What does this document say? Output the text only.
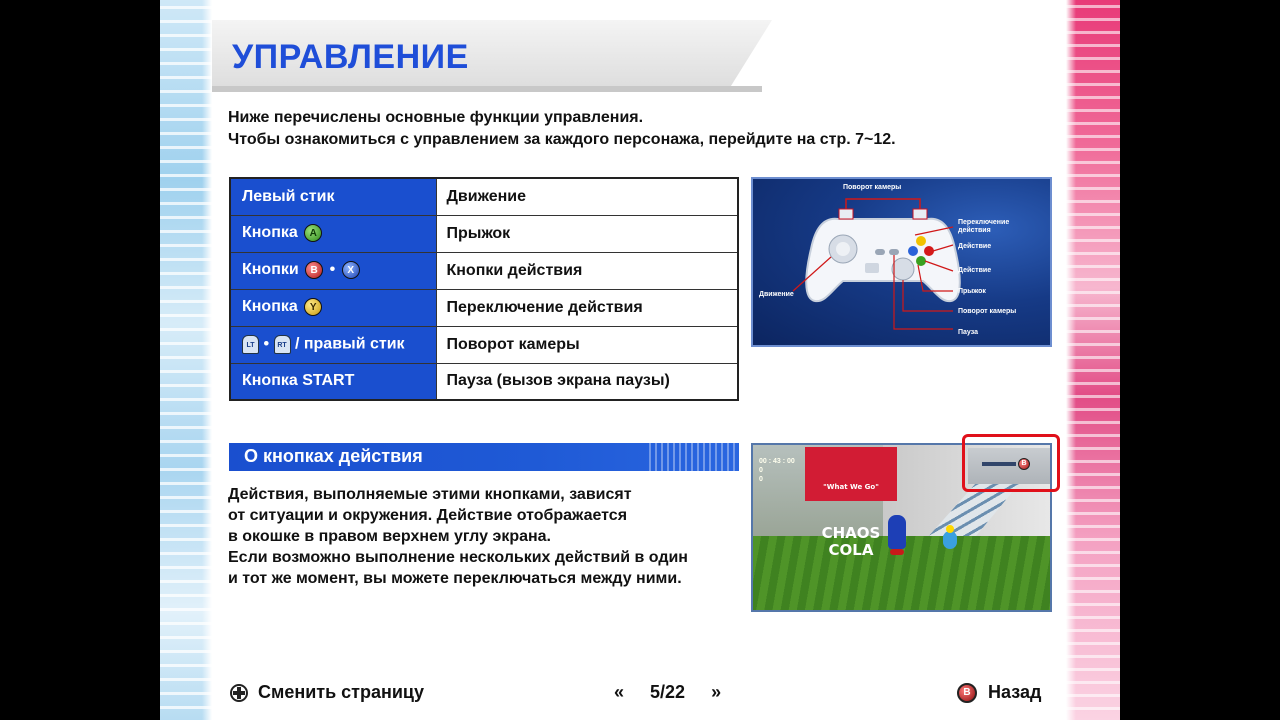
УПРАВЛЕНИЕ
Ниже перечислены основные функции управления.
Чтобы ознакомиться с управлением за каждого персонажа, перейдите на стр. 7~12.
Левый стик	Движение
Кнопка A	Прыжок
Кнопки B • X	Кнопки действия
Кнопка Y	Переключение действия
LT • RT / правый стик	Поворот камеры
Кнопка START	Пауза (вызов экрана паузы)
Поворот камеры
Переключение
действия
Действие
Действие
Прыжок
Поворот камеры
Пауза
Движение
О кнопках действия
Действия, выполняемые этими кнопками, зависят
от ситуации и окружения. Действие отображается
в окошке в правом верхнем углу экрана.
Если возможно выполнение нескольких действий в один
и тот же момент, вы можете переключаться между ними.

"What We Go"

CHAOS
COLA

00 : 43 : 00
0
0
B
Сменить страницу	« 5/22 »	B Назад
